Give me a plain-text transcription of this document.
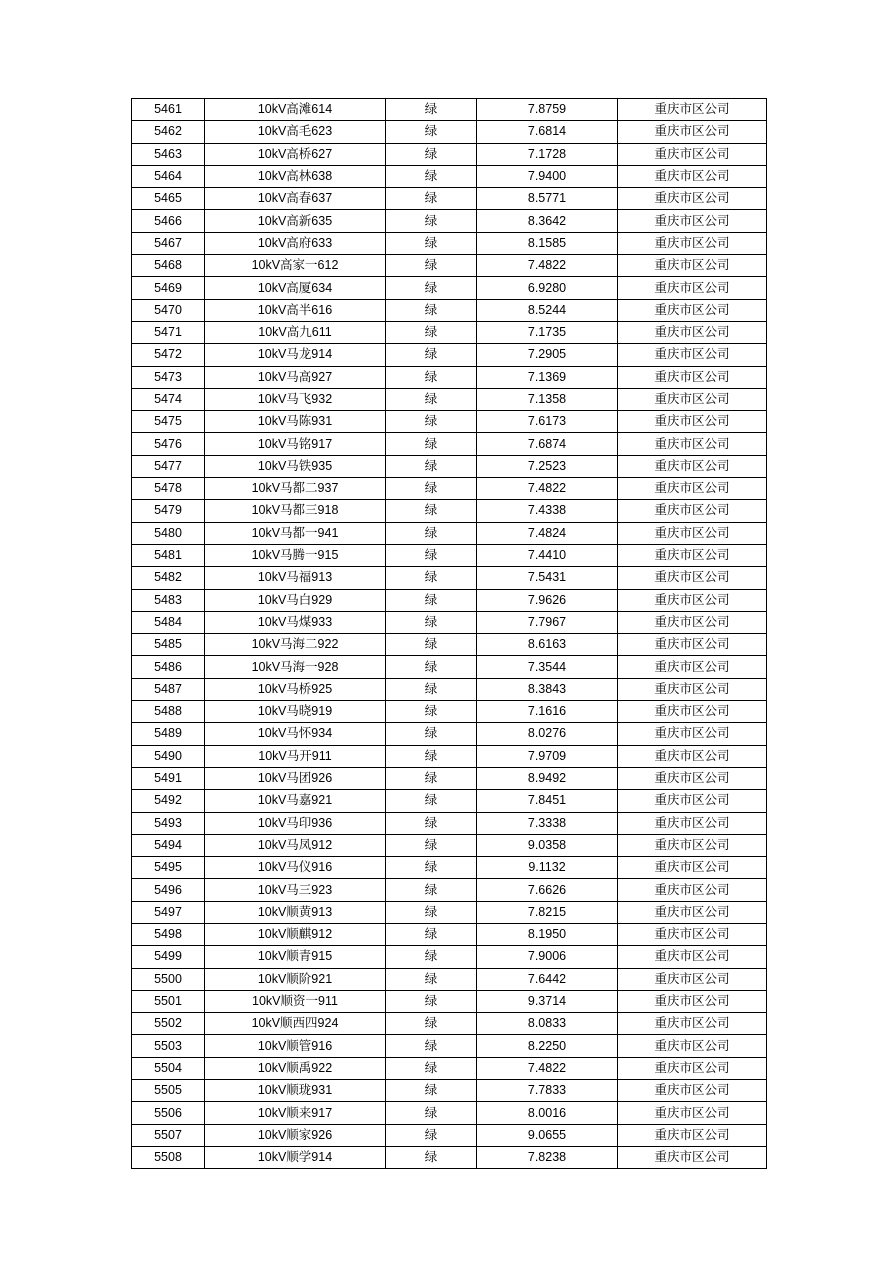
5461	10kV高滩614	绿	7.8759	重庆市区公司
5462	10kV高毛623	绿	7.6814	重庆市区公司
5463	10kV高桥627	绿	7.1728	重庆市区公司
5464	10kV高林638	绿	7.9400	重庆市区公司
5465	10kV高春637	绿	8.5771	重庆市区公司
5466	10kV高新635	绿	8.3642	重庆市区公司
5467	10kV高府633	绿	8.1585	重庆市区公司
5468	10kV高家一612	绿	7.4822	重庆市区公司
5469	10kV高厦634	绿	6.9280	重庆市区公司
5470	10kV高半616	绿	8.5244	重庆市区公司
5471	10kV高九611	绿	7.1735	重庆市区公司
5472	10kV马龙914	绿	7.2905	重庆市区公司
5473	10kV马高927	绿	7.1369	重庆市区公司
5474	10kV马飞932	绿	7.1358	重庆市区公司
5475	10kV马陈931	绿	7.6173	重庆市区公司
5476	10kV马铭917	绿	7.6874	重庆市区公司
5477	10kV马铁935	绿	7.2523	重庆市区公司
5478	10kV马都二937	绿	7.4822	重庆市区公司
5479	10kV马都三918	绿	7.4338	重庆市区公司
5480	10kV马都一941	绿	7.4824	重庆市区公司
5481	10kV马腾一915	绿	7.4410	重庆市区公司
5482	10kV马福913	绿	7.5431	重庆市区公司
5483	10kV马白929	绿	7.9626	重庆市区公司
5484	10kV马煤933	绿	7.7967	重庆市区公司
5485	10kV马海二922	绿	8.6163	重庆市区公司
5486	10kV马海一928	绿	7.3544	重庆市区公司
5487	10kV马桥925	绿	8.3843	重庆市区公司
5488	10kV马晓919	绿	7.1616	重庆市区公司
5489	10kV马怀934	绿	8.0276	重庆市区公司
5490	10kV马开911	绿	7.9709	重庆市区公司
5491	10kV马团926	绿	8.9492	重庆市区公司
5492	10kV马嘉921	绿	7.8451	重庆市区公司
5493	10kV马印936	绿	7.3338	重庆市区公司
5494	10kV马凤912	绿	9.0358	重庆市区公司
5495	10kV马仪916	绿	9.1132	重庆市区公司
5496	10kV马三923	绿	7.6626	重庆市区公司
5497	10kV顺黄913	绿	7.8215	重庆市区公司
5498	10kV顺麒912	绿	8.1950	重庆市区公司
5499	10kV顺青915	绿	7.9006	重庆市区公司
5500	10kV顺阶921	绿	7.6442	重庆市区公司
5501	10kV顺资一911	绿	9.3714	重庆市区公司
5502	10kV顺西四924	绿	8.0833	重庆市区公司
5503	10kV顺管916	绿	8.2250	重庆市区公司
5504	10kV顺禹922	绿	7.4822	重庆市区公司
5505	10kV顺珑931	绿	7.7833	重庆市区公司
5506	10kV顺来917	绿	8.0016	重庆市区公司
5507	10kV顺家926	绿	9.0655	重庆市区公司
5508	10kV顺学914	绿	7.8238	重庆市区公司
